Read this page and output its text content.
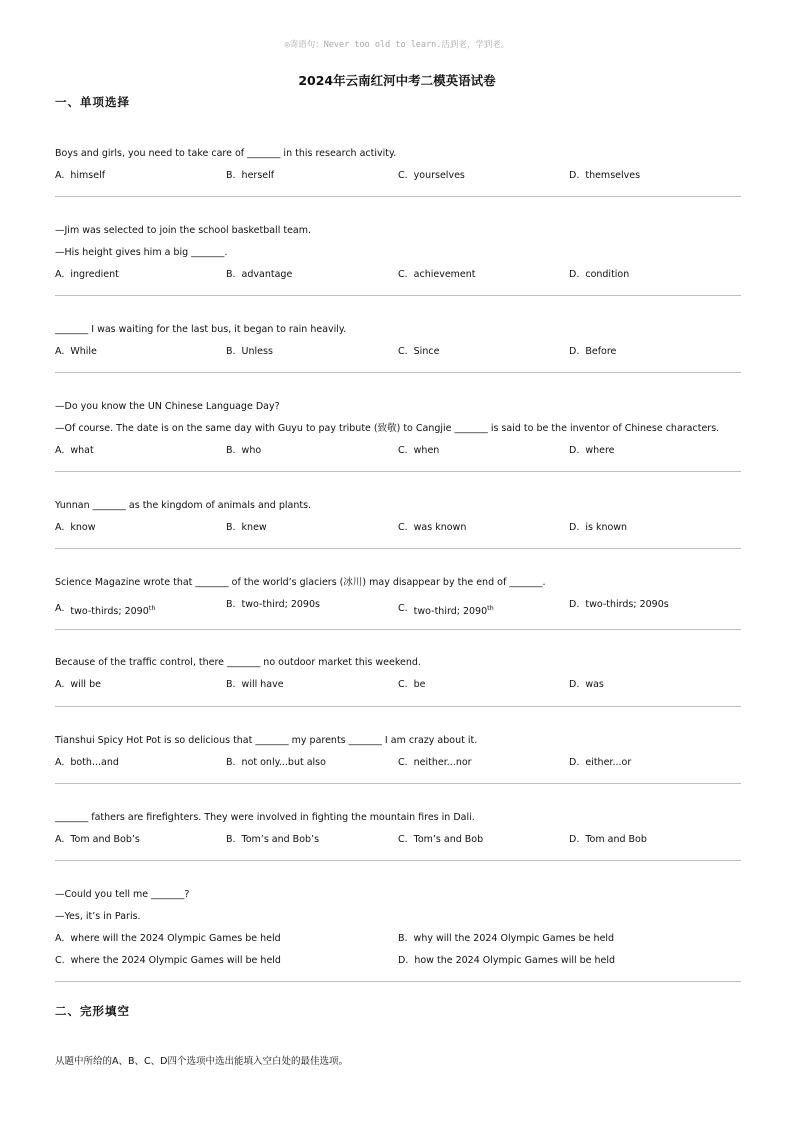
◎寄语句：Never too old to learn.活到老，学到老。
2024年云南红河中考二模英语试卷
一、单项选择
Boys and girls, you need to take care of _______ in this research activity.
A. himself	B. herself	C. yourselves	D. themselves
—Jim was selected to join the school basketball team.
—His height gives him a big _______.
A. ingredient	B. advantage	C. achievement	D. condition
_______ I was waiting for the last bus, it began to rain heavily.
A. While	B. Unless	C. Since	D. Before
—Do you know the UN Chinese Language Day?
—Of course. The date is on the same day with Guyu to pay tribute (致敬) to Cangjie _______ is said to be the inventor of Chinese characters.
A. what	B. who	C. when	D. where
Yunnan _______ as the kingdom of animals and plants.
A. know	B. knew	C. was known	D. is known
Science Magazine wrote that _______ of the world’s glaciers (冰川) may disappear by the end of _______.
A. two-thirds; 2090th	B. two-third; 2090s	C. two-third; 2090th	D. two-thirds; 2090s
Because of the traffic control, there _______ no outdoor market this weekend.
A. will be	B. will have	C. be	D. was
Tianshui Spicy Hot Pot is so delicious that _______ my parents _______ I am crazy about it.
A. both...and	B. not only...but also	C. neither...nor	D. either...or
_______ fathers are firefighters. They were involved in fighting the mountain fires in Dali.
A. Tom and Bob’s	B. Tom’s and Bob’s	C. Tom’s and Bob	D. Tom and Bob
—Could you tell me _______?
—Yes, it’s in Paris.
A. where will the 2024 Olympic Games be held	B. why will the 2024 Olympic Games be held
C. where the 2024 Olympic Games will be held	D. how the 2024 Olympic Games will be held
二、完形填空
从题中所给的A、B、C、D四个选项中选出能填入空白处的最佳选项。
